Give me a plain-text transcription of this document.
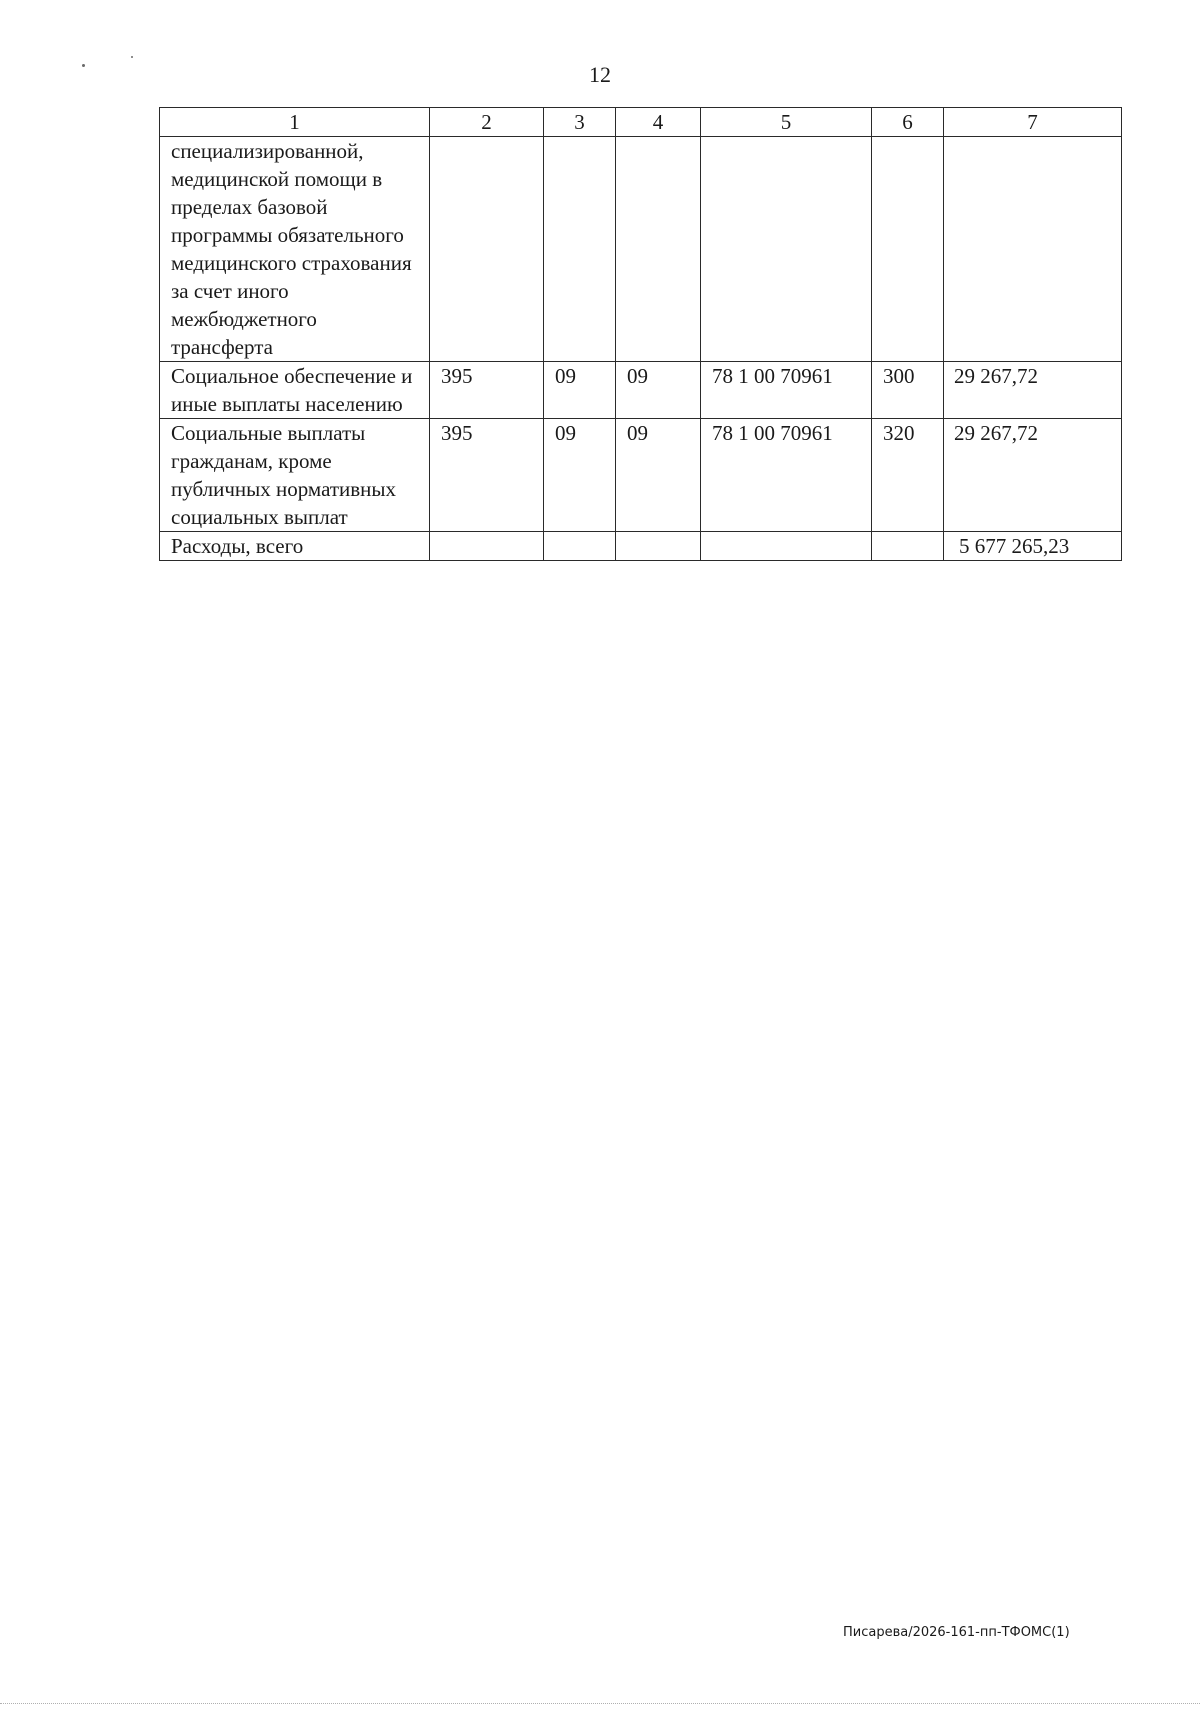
12
1	2	3	4	5	6	7
специализированной, медицинской помощи в пределах базовой программы обязательного медицинского страхования за счет иного межбюджетного трансферта						
Социальное обеспечение и иные выплаты населению	395	09	09	78 1 00 70961	300	29 267,72
Социальные выплаты гражданам, кроме публичных нормативных социальных выплат	395	09	09	78 1 00 70961	320	29 267,72
Расходы, всего						5 677 265,23
Писарева/2026-161-пп-ТФОМС(1)
